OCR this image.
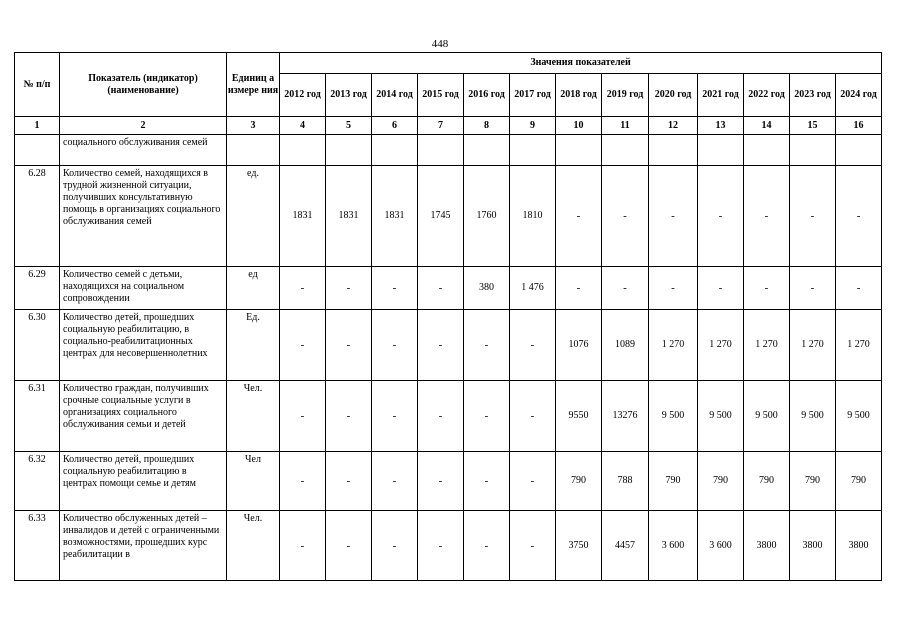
448
№ п/п	Показатель (индикатор) (наименование)	Единиц а измере ния	Значения показателей												
			2012 год	2013 год	2014 год	2015 год	2016 год	2017 год	2018 год	2019 год	2020 год	2021 год	2022 год	2023 год	2024 год
1	2	3	4	5	6	7	8	9	10	11	12	13	14	15	16
	социального обслуживания семей														
6.28	Количество семей, находящихся в трудной жизненной ситуации, получивших консультативную помощь в организациях социального обслуживания семей	ед.	1831	1831	1831	1745	1760	1810	-	-	-	-	-	-	-
6.29	Количество семей с детьми, находящихся на социальном сопровождении	ед	-	-	-	-	380	1 476	-	-	-	-	-	-	-
6.30	Количество детей, прошедших социальную реабилитацию, в социально-реабилитационных центрах для несовершеннолетних	Ед.	-	-	-	-	-	-	1076	1089	1 270	1 270	1 270	1 270	1 270
6.31	Количество граждан, получивших срочные социальные услуги в организациях социального обслуживания семьи и детей	Чел.	-	-	-	-	-	-	9550	13276	9 500	9 500	9 500	9 500	9 500
6.32	Количество детей, прошедших социальную реабилитацию в центрах помощи семье и детям	Чел	-	-	-	-	-	-	790	788	790	790	790	790	790
6.33	Количество обслуженных детей –инвалидов и детей с ограниченными возможностями, прошедших курс реабилитации в	Чел.	-	-	-	-	-	-	3750	4457	3 600	3 600	3800	3800	3800
